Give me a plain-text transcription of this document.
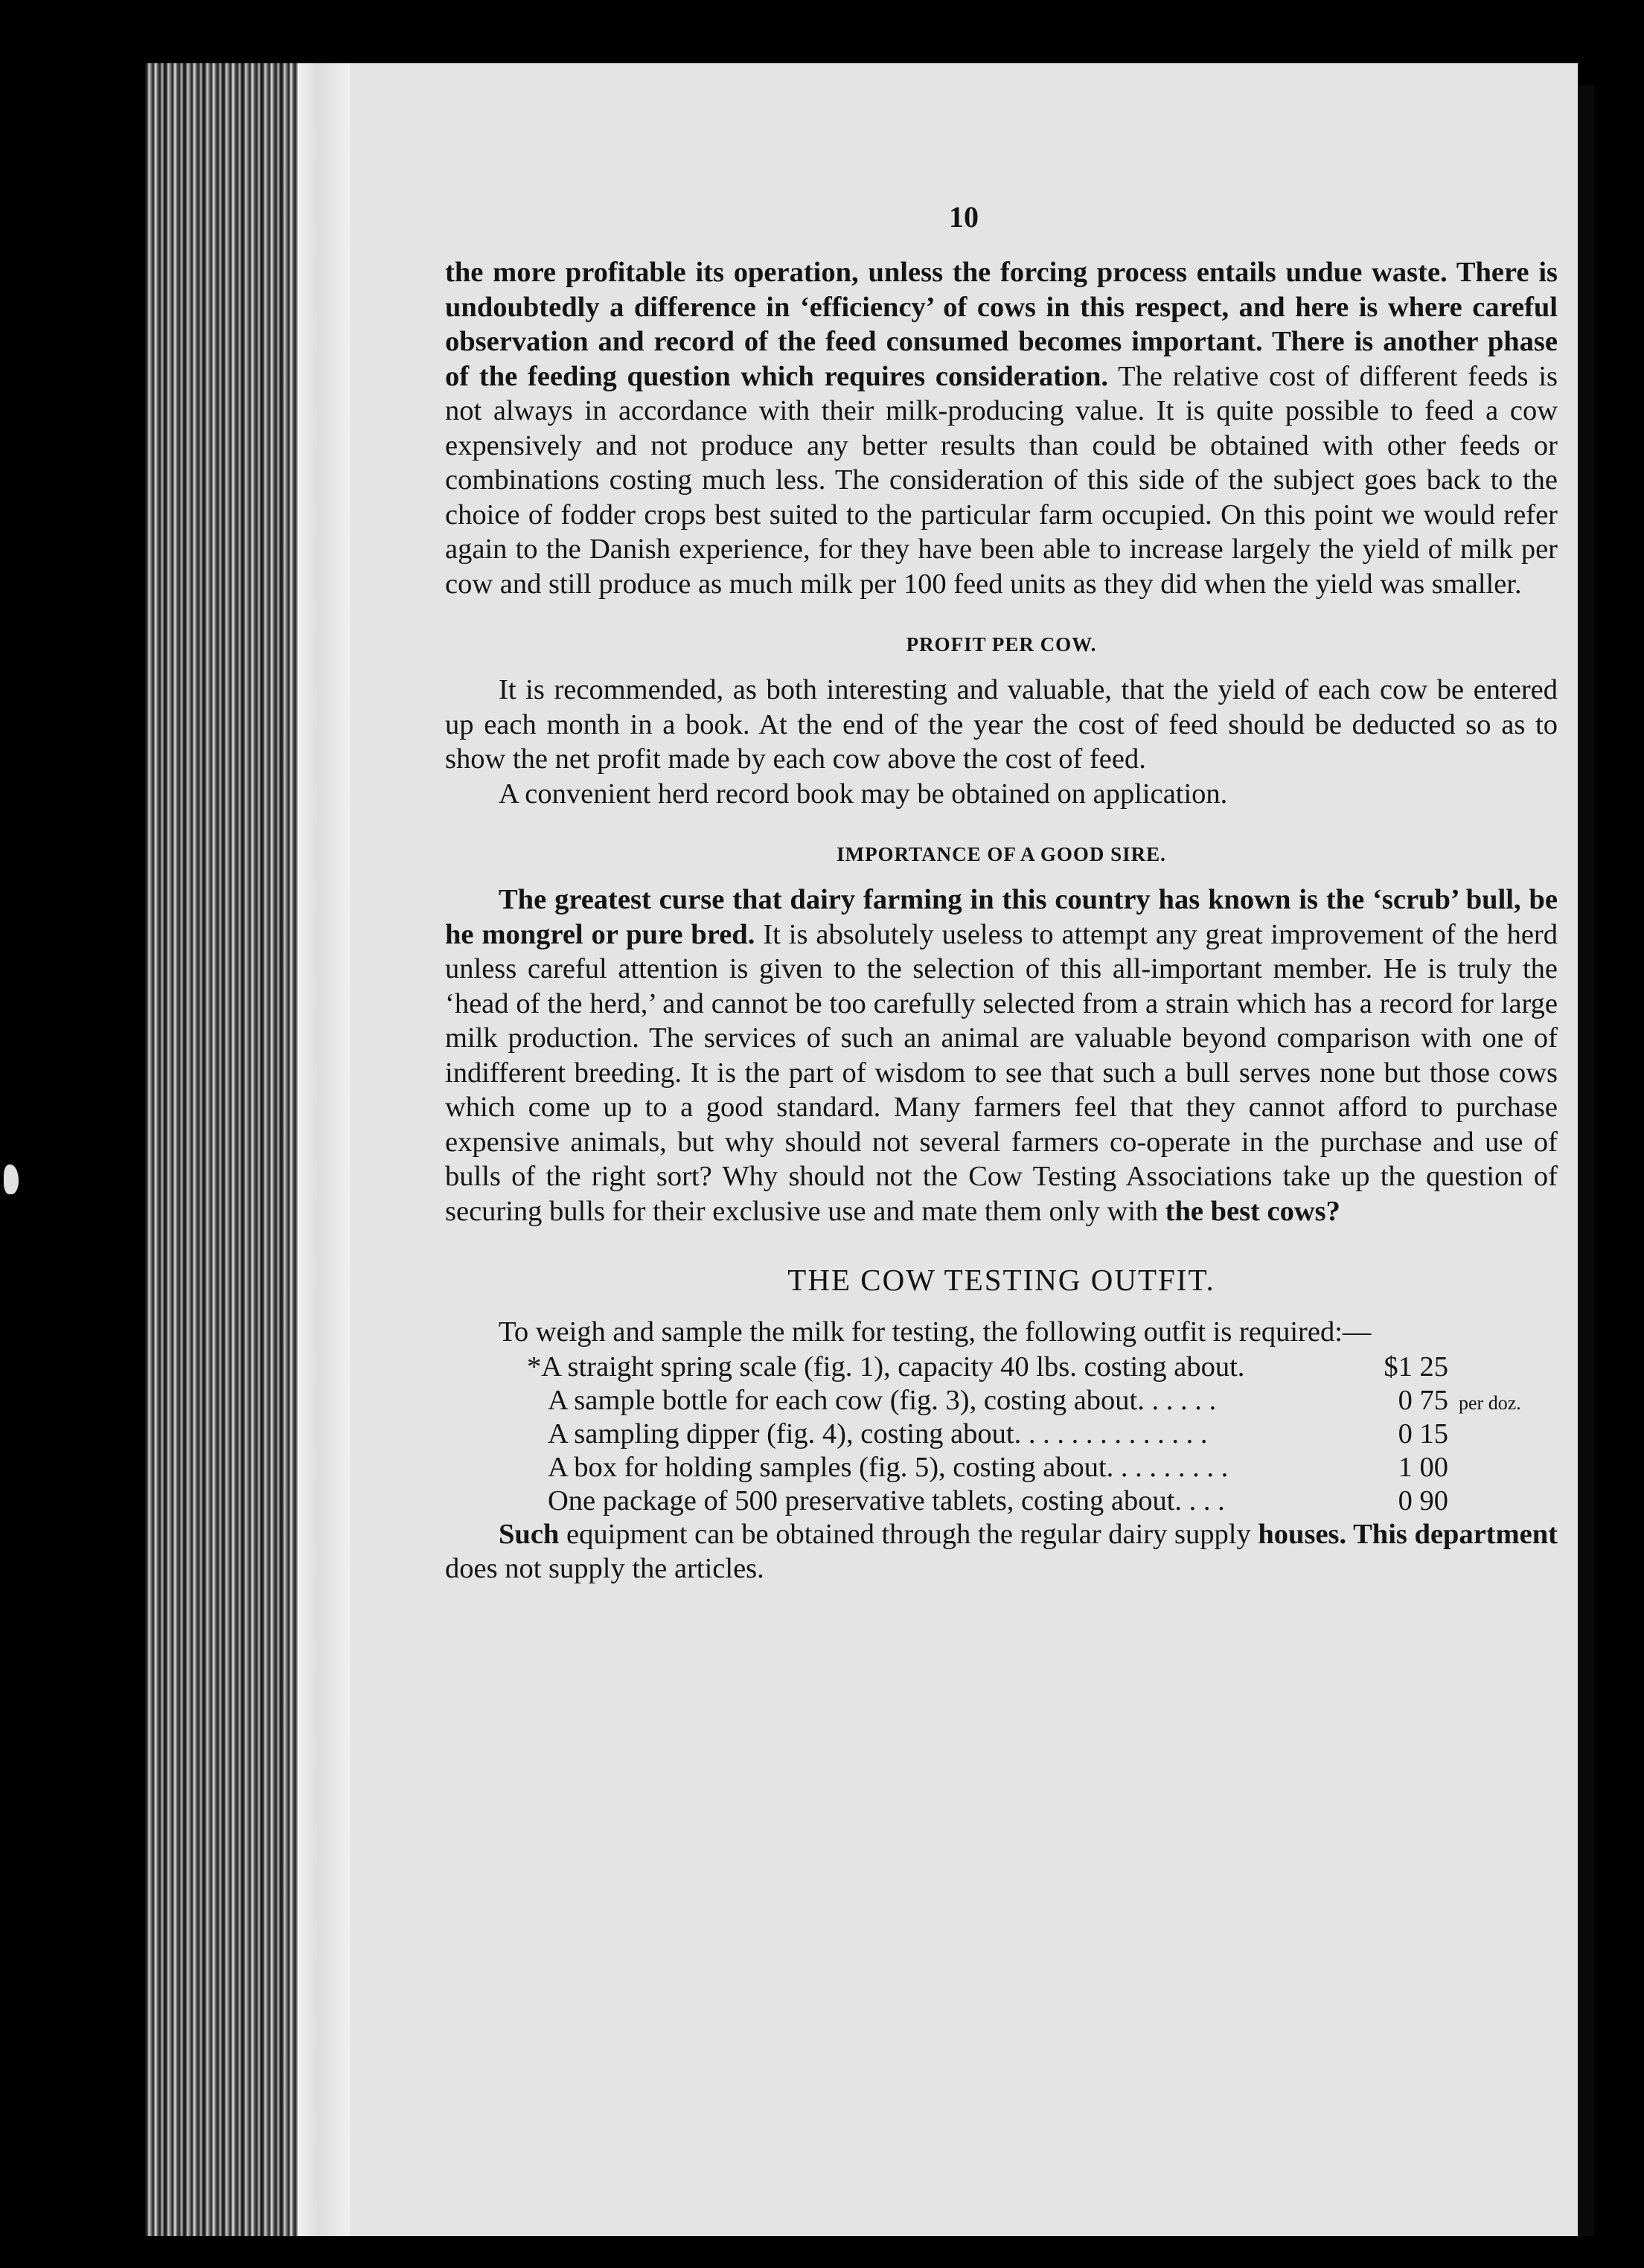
10

the more profitable its operation, unless the forcing process entails undue waste. There is undoubtedly a difference in ‘efficiency’ of cows in this respect, and here is where careful observation and record of the feed consumed becomes important. There is another phase of the feeding question which requires consideration. The relative cost of different feeds is not always in accordance with their milk-producing value. It is quite possible to feed a cow expensively and not produce any better results than could be obtained with other feeds or combinations costing much less. The consideration of this side of the subject goes back to the choice of fodder crops best suited to the particular farm occupied. On this point we would refer again to the Danish experience, for they have been able to increase largely the yield of milk per cow and still produce as much milk per 100 feed units as they did when the yield was smaller.

PROFIT PER COW.

It is recommended, as both interesting and valuable, that the yield of each cow be entered up each month in a book. At the end of the year the cost of feed should be deducted so as to show the net profit made by each cow above the cost of feed.

A convenient herd record book may be obtained on application.

IMPORTANCE OF A GOOD SIRE.

The greatest curse that dairy farming in this country has known is the ‘scrub’ bull, be he mongrel or pure bred. It is absolutely useless to attempt any great improvement of the herd unless careful attention is given to the selection of this all-important member. He is truly the ‘head of the herd,’ and cannot be too carefully selected from a strain which has a record for large milk production. The services of such an animal are valuable beyond comparison with one of indifferent breeding. It is the part of wisdom to see that such a bull serves none but those cows which come up to a good standard. Many farmers feel that they cannot afford to purchase expensive animals, but why should not several farmers co-operate in the purchase and use of bulls of the right sort? Why should not the Cow Testing Associations take up the question of securing bulls for their exclusive use and mate them only with the best cows?

THE COW TESTING OUTFIT.

To weigh and sample the milk for testing, the following outfit is required:—

*A straight spring scale (fig. 1), capacity 40 lbs. costing about.	$1 25
A sample bottle for each cow (fig. 3), costing about. . . . . .	0 75 per doz.
A sampling dipper (fig. 4), costing about. . . . . . . . . . . . . .	0 15
A box for holding samples (fig. 5), costing about. . . . . . . . .	1 00
One package of 500 preservative tablets, costing about. . . .	0 90

Such equipment can be obtained through the regular dairy supply houses. This department does not supply the articles.
